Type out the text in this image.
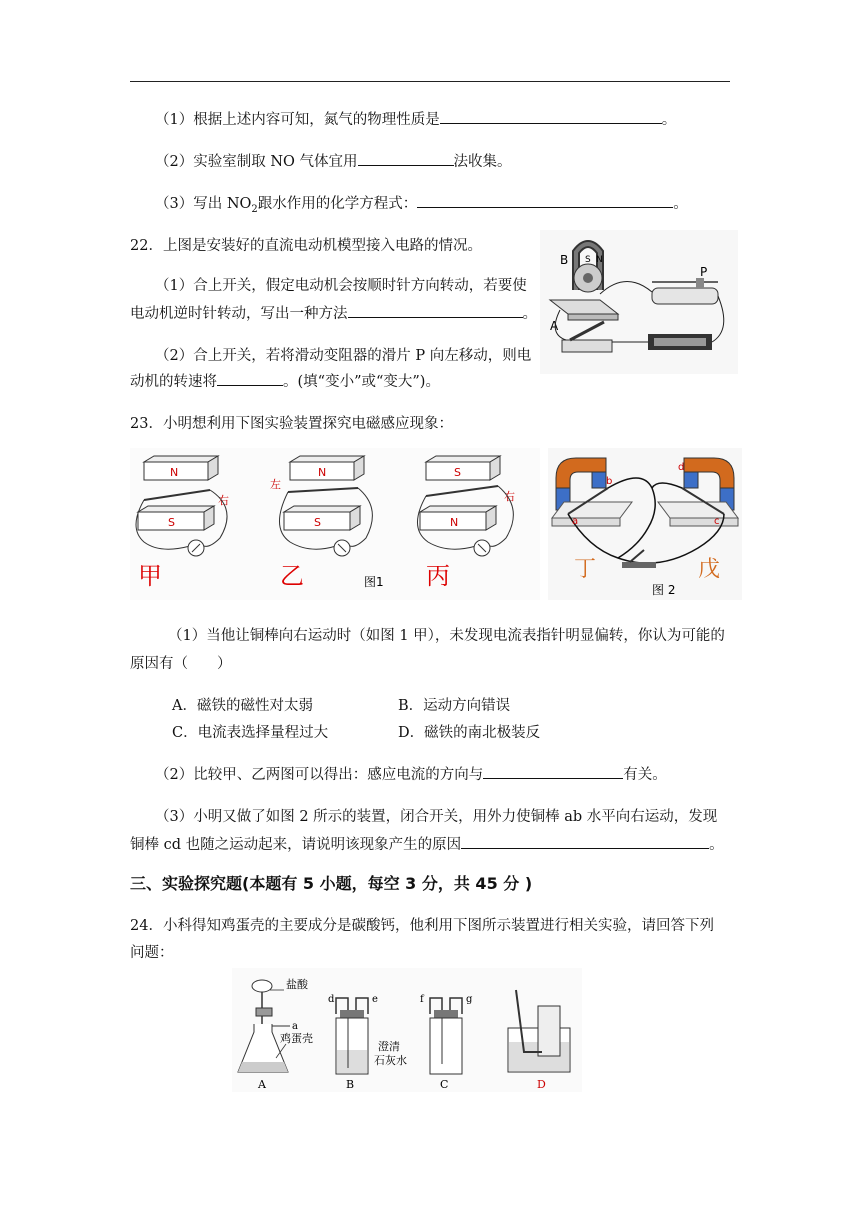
（1）根据上述内容可知，氮气的物理性质是	。
（2）实验室制取 NO 气体宜用	法收集。
（3）写出 $NO_2$跟水作用的化学方程式：	。
22．上图是安装好的直流电动机模型接入电路的情况。
（1）合上开关，假定电动机会按顺时针方向转动，若要使
电动机逆时针转动，写出一种方法	。
（2）合上开关，若将滑动变阻器的滑片 P 向左移动，则电
动机的转速将	。(填“变小”或“变大”)。
S N
B
A
P
23．小明想利用下图实验装置探究电磁感应现象：
N
S
右
甲
N
S
左
乙	图1
S
N
右
丙
b
a	c
d
丁	戊
图 2
（1）当他让铜棒向右运动时（如图 1 甲），未发现电流表指针明显偏转，你认为可能的
原因有（　　）
A．磁铁的磁性对太弱	B．运动方向错误
C．电流表选择量程过大	D．磁铁的南北极装反
（2）比较甲、乙两图可以得出：感应电流的方向与	有关。
（3）小明又做了如图 2 所示的装置，闭合开关，用外力使铜棒 ab 水平向右运动，发现
铜棒 cd 也随之运动起来，请说明该现象产生的原因	。
三、实验探究题(本题有 5 小题，每空 3 分，共 45 分 )
24．小科得知鸡蛋壳的主要成分是碳酸钙，他利用下图所示装置进行相关实验，请回答下列
问题：
盐酸
a
鸡蛋壳
A
d	e
澄清
石灰水
B
f	g
C	D
